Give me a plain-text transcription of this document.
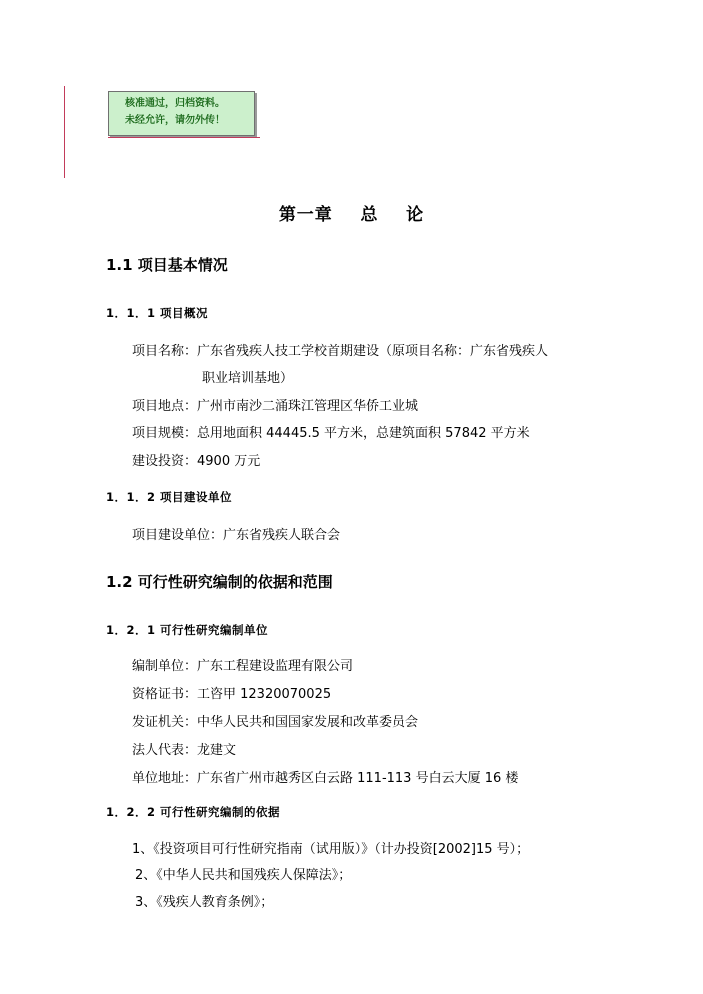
核准通过，归档资料。
未经允许，请勿外传！
第一章    总    论
1.1 项目基本情况
1．1．1 项目概况
项目名称：广东省残疾人技工学校首期建设（原项目名称：广东省残疾人
职业培训基地）
项目地点：广州市南沙二涌珠江管理区华侨工业城
项目规模：总用地面积 44445.5 平方米，总建筑面积 57842 平方米
建设投资：4900 万元
1．1．2 项目建设单位
项目建设单位：广东省残疾人联合会
1.2 可行性研究编制的依据和范围
1．2．1 可行性研究编制单位
编制单位：广东工程建设监理有限公司
资格证书：工咨甲 12320070025
发证机关：中华人民共和国国家发展和改革委员会
法人代表：龙建文
单位地址：广东省广州市越秀区白云路 111-113 号白云大厦 16 楼
1．2．2 可行性研究编制的依据
1、《投资项目可行性研究指南（试用版）》（计办投资[2002]15 号）；
2、《中华人民共和国残疾人保障法》；
3、《残疾人教育条例》；
